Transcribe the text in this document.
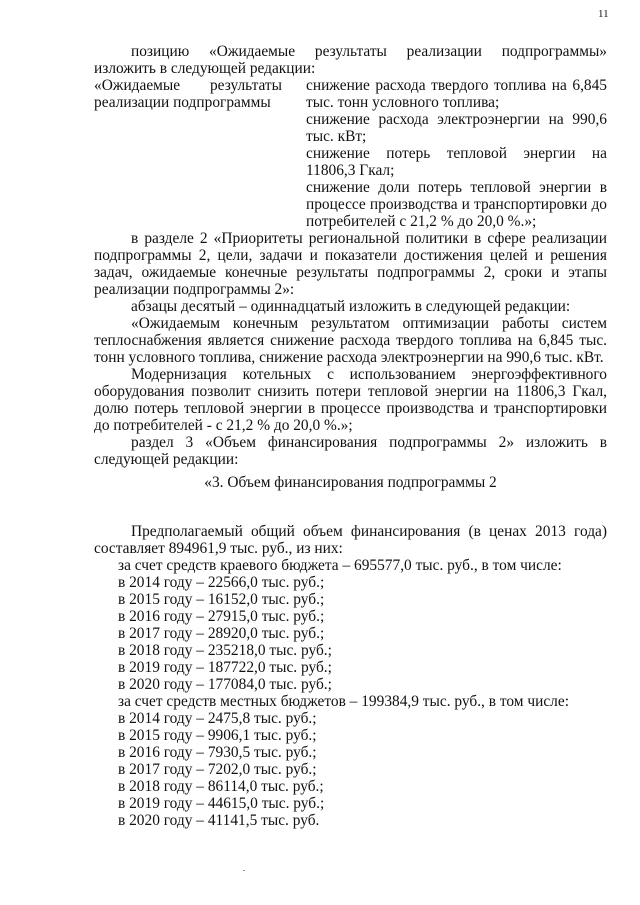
11

позицию «Ожидаемые результаты реализации подпрограммы» изложить в следующей редакции:

«Ожидаемые результаты реализации подпрограммы

снижение расхода твердого топлива на 6,845 тыс. тонн условного топлива;

снижение расхода электроэнергии на 990,6 тыс. кВт;

снижение потерь тепловой энергии на 11806,3 Гкал;

снижение доли потерь тепловой энергии в процессе производства и транспортировки до потребителей с 21,2 % до 20,0 %.»;

в разделе 2 «Приоритеты региональной политики в сфере реализации подпрограммы 2, цели, задачи и показатели достижения целей и решения задач, ожидаемые конечные результаты подпрограммы 2, сроки и этапы реализации подпрограммы 2»:

абзацы десятый – одиннадцатый изложить в следующей редакции:

«Ожидаемым конечным результатом оптимизации работы систем теплоснабжения является снижение расхода твердого топлива на 6,845 тыс. тонн условного топлива, снижение расхода электроэнергии на 990,6 тыс. кВт.

Модернизация котельных с использованием энергоэффективного оборудования позволит снизить потери тепловой энергии на 11806,3 Гкал, долю потерь тепловой энергии в процессе производства и транспортировки до потребителей - с 21,2 % до 20,0 %.»;

раздел 3 «Объем финансирования подпрограммы 2» изложить в следующей редакции:

«3. Объем финансирования подпрограммы 2

Предполагаемый общий объем финансирования (в ценах 2013 года) составляет 894961,9 тыс. руб., из них:

за счет средств краевого бюджета – 695577,0 тыс. руб., в том числе:

в 2014 году – 22566,0 тыс. руб.;

в 2015 году – 16152,0 тыс. руб.;

в 2016 году – 27915,0 тыс. руб.;

в 2017 году – 28920,0 тыс. руб.;

в 2018 году – 235218,0 тыс. руб.;

в 2019 году – 187722,0 тыс. руб.;

в 2020 году – 177084,0 тыс. руб.;

за счет средств местных бюджетов – 199384,9 тыс. руб., в том числе:

в 2014 году – 2475,8 тыс. руб.;

в 2015 году – 9906,1 тыс. руб.;

в 2016 году – 7930,5 тыс. руб.;

в 2017 году – 7202,0 тыс. руб.;

в 2018 году – 86114,0 тыс. руб.;

в 2019 году – 44615,0 тыс. руб.;

в 2020 году – 41141,5 тыс. руб.
